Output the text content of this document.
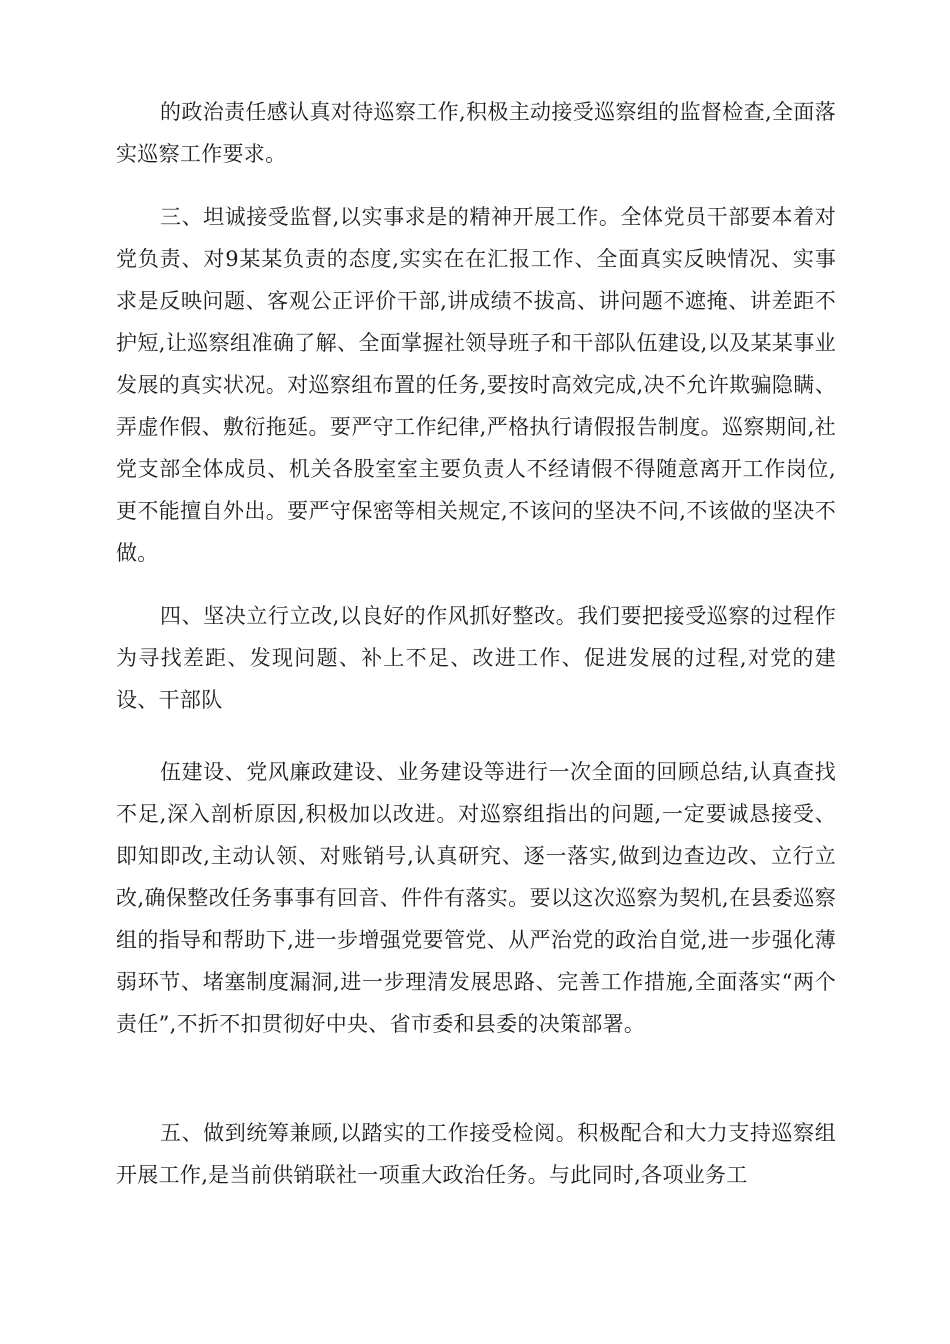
的政治责任感认真对待巡察工作,积极主动接受巡察组的监督检查,全面落实巡察工作要求。

三、坦诚接受监督,以实事求是的精神开展工作。全体党员干部要本着对党负责、对9某某负责的态度,实实在在汇报工作、全面真实反映情况、实事求是反映问题、客观公正评价干部,讲成绩不拔高、讲问题不遮掩、讲差距不护短,让巡察组准确了解、全面掌握社领导班子和干部队伍建设,以及某某事业发展的真实状况。对巡察组布置的任务,要按时高效完成,决不允许欺骗隐瞒、弄虚作假、敷衍拖延。要严守工作纪律,严格执行请假报告制度。巡察期间,社党支部全体成员、机关各股室室主要负责人不经请假不得随意离开工作岗位,更不能擅自外出。要严守保密等相关规定,不该问的坚决不问,不该做的坚决不做。

四、坚决立行立改,以良好的作风抓好整改。我们要把接受巡察的过程作为寻找差距、发现问题、补上不足、改进工作、促进发展的过程,对党的建设、干部队

伍建设、党风廉政建设、业务建设等进行一次全面的回顾总结,认真查找不足,深入剖析原因,积极加以改进。对巡察组指出的问题,一定要诚恳接受、即知即改,主动认领、对账销号,认真研究、逐一落实,做到边查边改、立行立改,确保整改任务事事有回音、件件有落实。要以这次巡察为契机,在县委巡察组的指导和帮助下,进一步增强党要管党、从严治党的政治自觉,进一步强化薄弱环节、堵塞制度漏洞,进一步理清发展思路、完善工作措施,全面落实“两个责任”,不折不扣贯彻好中央、省市委和县委的决策部署。

五、做到统筹兼顾,以踏实的工作接受检阅。积极配合和大力支持巡察组开展工作,是当前供销联社一项重大政治任务。与此同时,各项业务工
